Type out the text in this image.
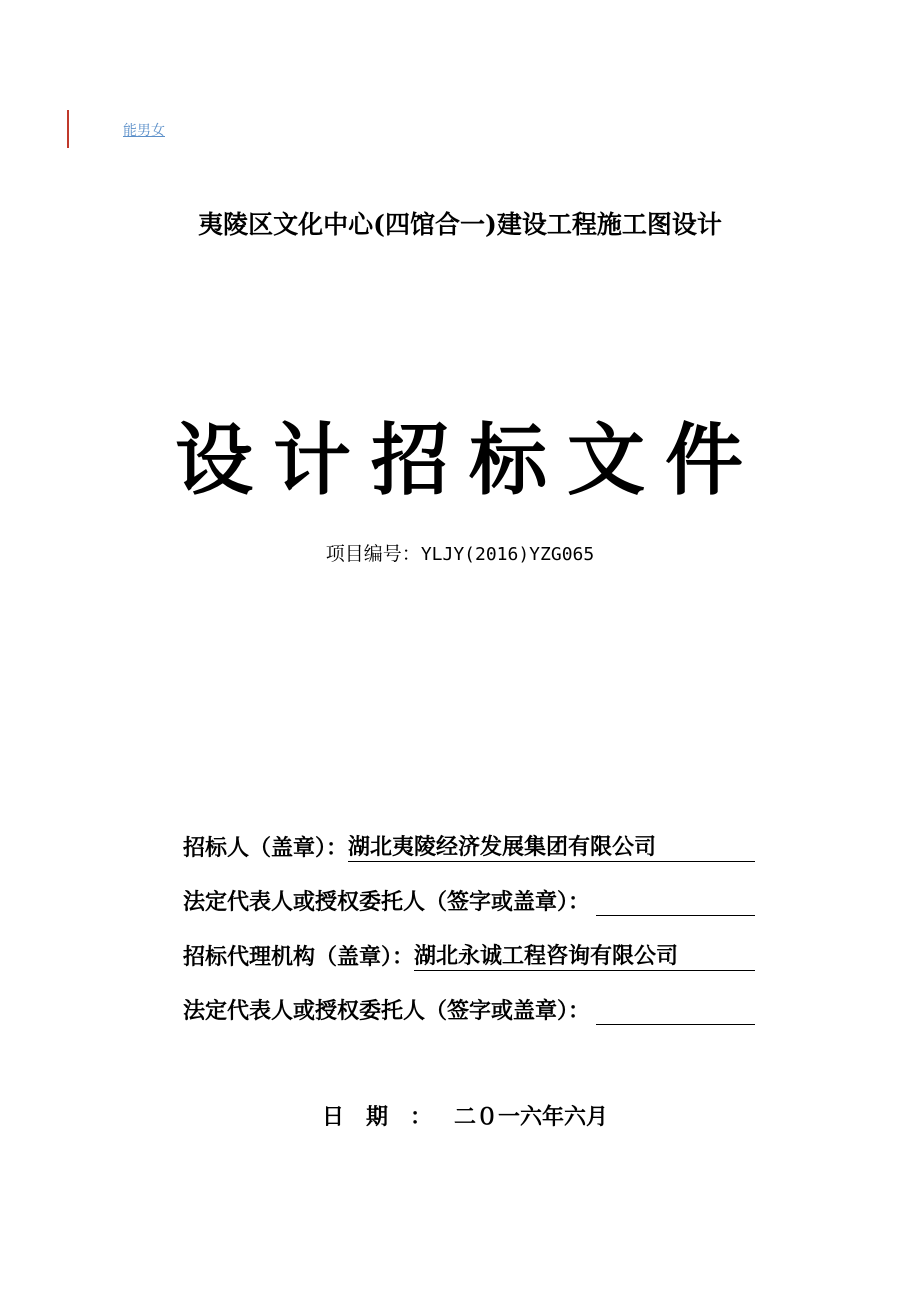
能男女
夷陵区文化中心(四馆合一)建设工程施工图设计
设计招标文件
项目编号：YLJY(2016)YZG065
招标人（盖章）： 湖北夷陵经济发展集团有限公司
法定代表人或授权委托人（签字或盖章）：
招标代理机构（盖章）： 湖北永诚工程咨询有限公司
法定代表人或授权委托人（签字或盖章）：
日期：二０一六年六月
